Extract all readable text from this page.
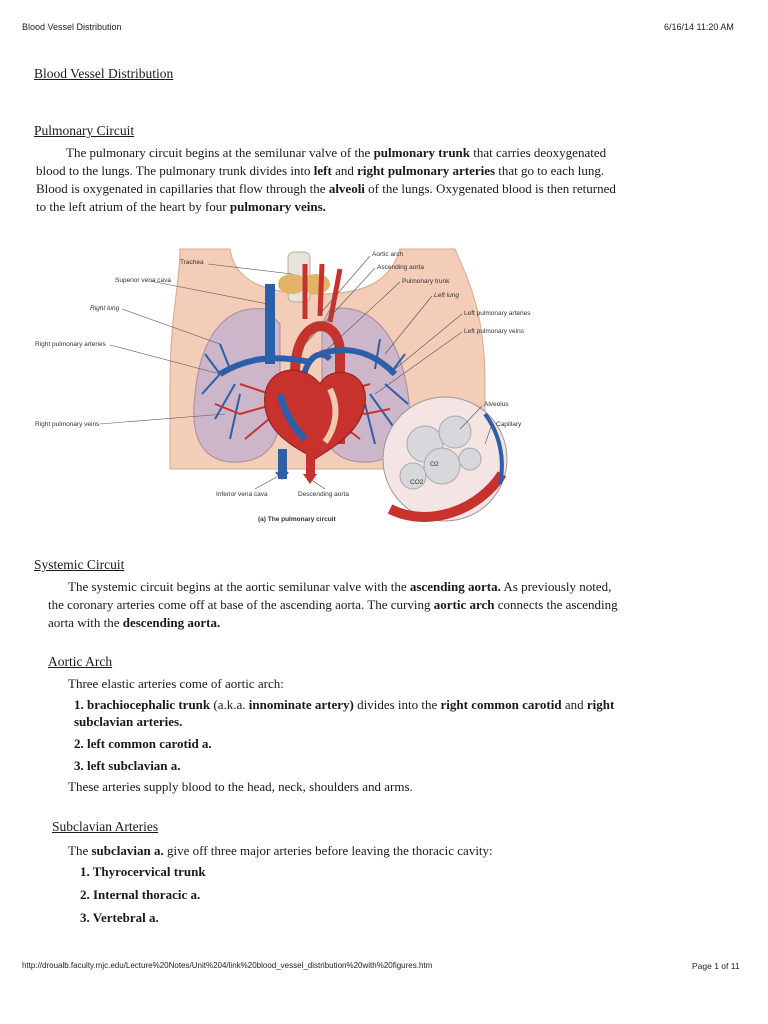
Blood Vessel Distribution	6/16/14 11:20 AM
Blood Vessel Distribution
Pulmonary Circuit
The pulmonary circuit begins at the semilunar valve of the pulmonary trunk that carries deoxygenated
blood to the lungs. The pulmonary trunk divides into left and right pulmonary arteries that go to each lung.
Blood is oxygenated in capillaries that flow through the alveoli of the lungs. Oxygenated blood is then returned
to the left atrium of the heart by four pulmonary veins.
Trachea
Superior vena cava
Right lung
Right pulmonary arteries
Right pulmonary veins
Aortic arch
Ascending aorta
Pulmonary trunk
Left lung
Left pulmonary arteries
Left pulmonary veins
Alveolus
Capillary
O2
CO2
Inferior vena cava	Descending aorta
(a) The pulmonary circuit
Systemic Circuit
The systemic circuit begins at the aortic semilunar valve with the ascending aorta. As previously noted,
the coronary arteries come off at base of the ascending aorta. The curving aortic arch connects the ascending
aorta with the descending aorta.
Aortic Arch
Three elastic arteries come of aortic arch:
1. brachiocephalic trunk (a.k.a. innominate artery) divides into the right common carotid and right
subclavian arteries.
2. left common carotid a.
3. left subclavian a.
These arteries supply blood to the head, neck, shoulders and arms.
Subclavian Arteries
The subclavian a. give off three major arteries before leaving the thoracic cavity:
1. Thyrocervical trunk
2. Internal thoracic a.
3. Vertebral a.
http://droualb.faculty.mjc.edu/Lecture%20Notes/Unit%204/link%20blood_vessel_distribution%20with%20figures.htm	Page 1 of 11
